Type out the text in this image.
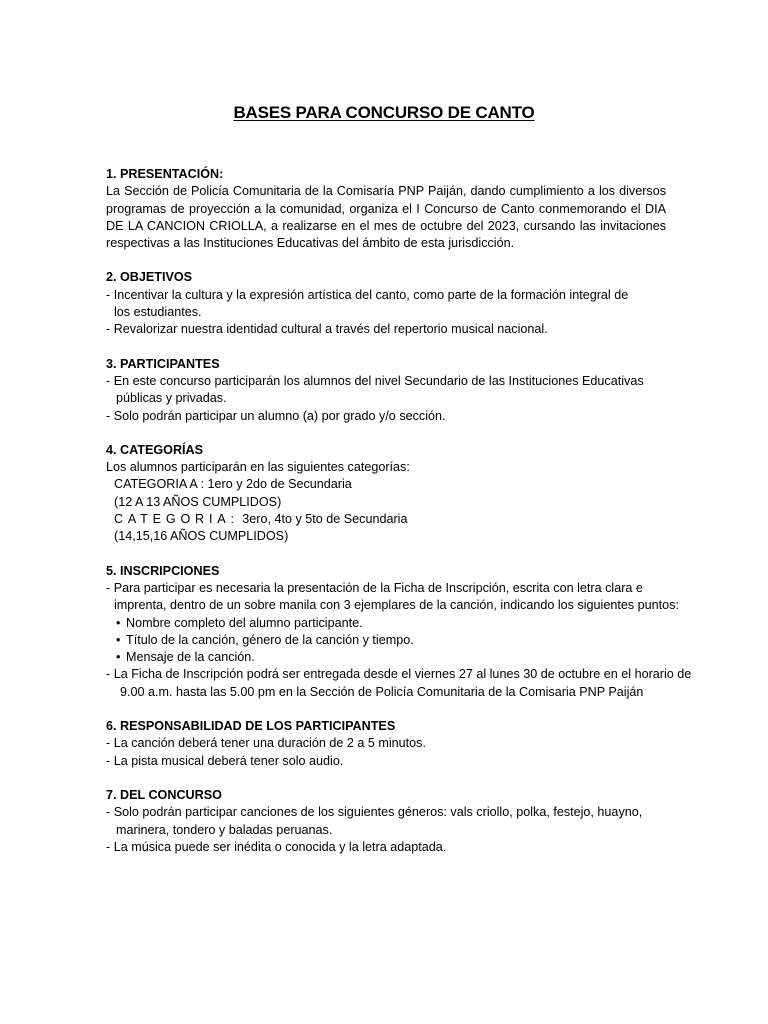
BASES PARA CONCURSO DE CANTO

1. PRESENTACIÓN:

La Sección de Policía Comunitaria de la Comisaría PNP Paiján, dando cumplimiento a los diversos programas de proyección a la comunidad, organiza el I Concurso de Canto conmemorando el DIA DE LA CANCION CRIOLLA, a realizarse en el mes de octubre del 2023, cursando las invitaciones respectivas a las Instituciones Educativas del ámbito de esta jurisdicción.

2. OBJETIVOS

- Incentivar la cultura y la expresión artística del canto, como parte de la formación integral de

los estudiantes.

- Revalorizar nuestra identidad cultural a través del repertorio musical nacional.

3. PARTICIPANTES

- En este concurso participarán los alumnos del nivel Secundario de las Instituciones Educativas

públicas y privadas.

- Solo podrán participar un alumno (a) por grado y/o sección.

4. CATEGORÍAS

Los alumnos participarán en las siguientes categorías:

CATEGORIA A : 1ero y 2do de Secundaria

(12 A 13 AÑOS CUMPLIDOS)

CATEGORIA: 3ero, 4to y 5to de Secundaria

(14,15,16 AÑOS CUMPLIDOS)

5. INSCRIPCIONES

- Para participar es necesaria la presentación de la Ficha de Inscripción, escrita con letra clara e

imprenta, dentro de un sobre manila con 3 ejemplares de la canción, indicando los siguientes puntos:

• Nombre completo del alumno participante.

• Título de la canción, género de la canción y tiempo.

• Mensaje de la canción.

- La Ficha de Inscripción podrá ser entregada desde el viernes 27 al lunes 30 de octubre en el horario de

9.00 a.m. hasta las 5.00 pm en la Sección de Policía Comunitaria de la Comisaria PNP Paiján

6. RESPONSABILIDAD DE LOS PARTICIPANTES

- La canción deberá tener una duración de 2 a 5 minutos.

- La pista musical deberá tener solo audio.

7. DEL CONCURSO

- Solo podrán participar canciones de los siguientes géneros: vals criollo, polka, festejo, huayno,

marinera, tondero y baladas peruanas.

- La música puede ser inédita o conocida y la letra adaptada.
